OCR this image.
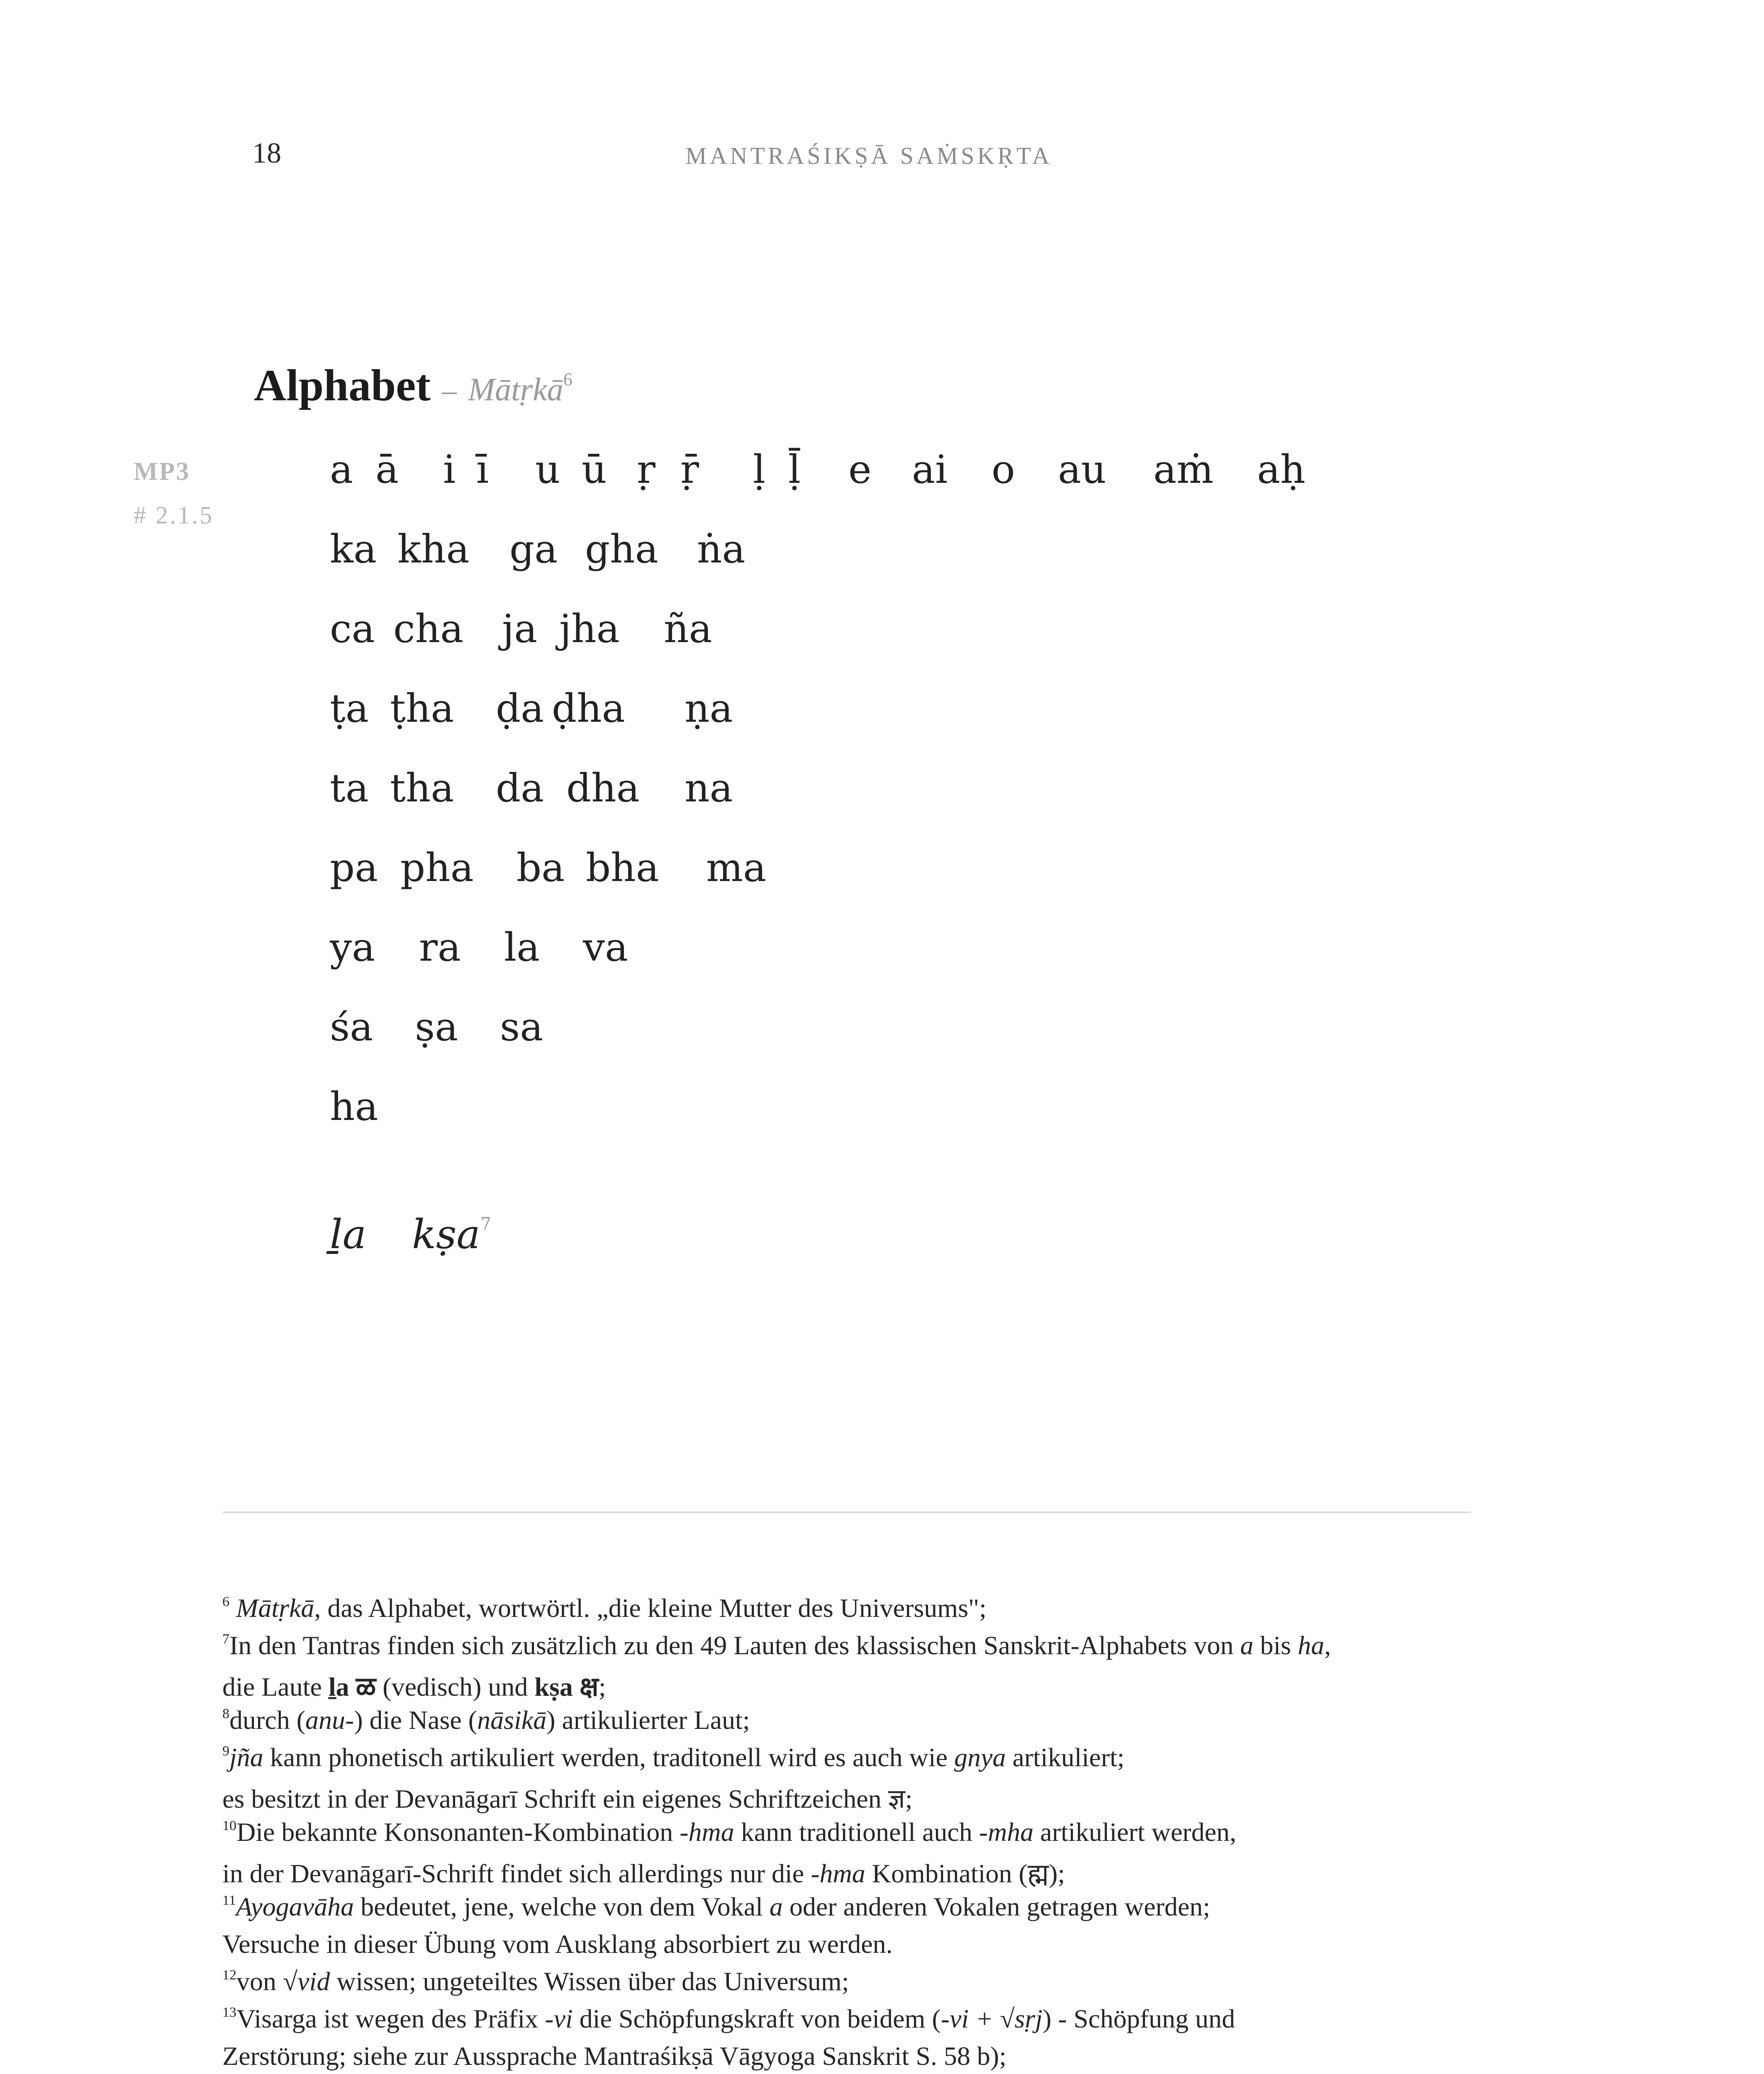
18	MANTRAŚIKṢĀ SAṀSKṚTA
Alphabet – Mātṛkā$^6$
MP3
# 2.1.5
a ā i ī u ū ṛ ṝ ḷ ḹ e ai o au aṁ aḥ
ka kha ga gha ṅa
ca cha ja jha ña
ṭa ṭha ḍa ḍha ṇa
ta tha da dha na
pa pha ba bha ma
ya ra la va
śa ṣa sa
ha
ḻa kṣa$^7$
$^6$ Mātṛkā, das Alphabet, wortwörtl. „die kleine Mutter des Universums";
$^7$In den Tantras finden sich zusätzlich zu den 49 Lauten des klassischen Sanskrit-Alphabets von a bis ha,
die Laute ḻa ळ (vedisch) und kṣa क्ष;
$^8$durch (anu-) die Nase (nāsikā) artikulierter Laut;
$^9$jña kann phonetisch artikuliert werden, traditonell wird es auch wie gnya artikuliert;
es besitzt in der Devanāgarī Schrift ein eigenes Schriftzeichen ज्ञ;
$^{10}$Die bekannte Konsonanten-Kombination -hma kann traditionell auch -mha artikuliert werden,
in der Devanāgarī-Schrift findet sich allerdings nur die -hma Kombination (ह्म);
$^{11}$Ayogavāha bedeutet, jene, welche von dem Vokal a oder anderen Vokalen getragen werden;
Versuche in dieser Übung vom Ausklang absorbiert zu werden.
$^{12}$von √vid wissen; ungeteiltes Wissen über das Universum;
$^{13}$Visarga ist wegen des Präfix -vi die Schöpfungskraft von beidem (-vi + √sṛj) - Schöpfung und
Zerstörung; siehe zur Aussprache Mantraśikṣā Vāgyoga Sanskrit S. 58 b);
